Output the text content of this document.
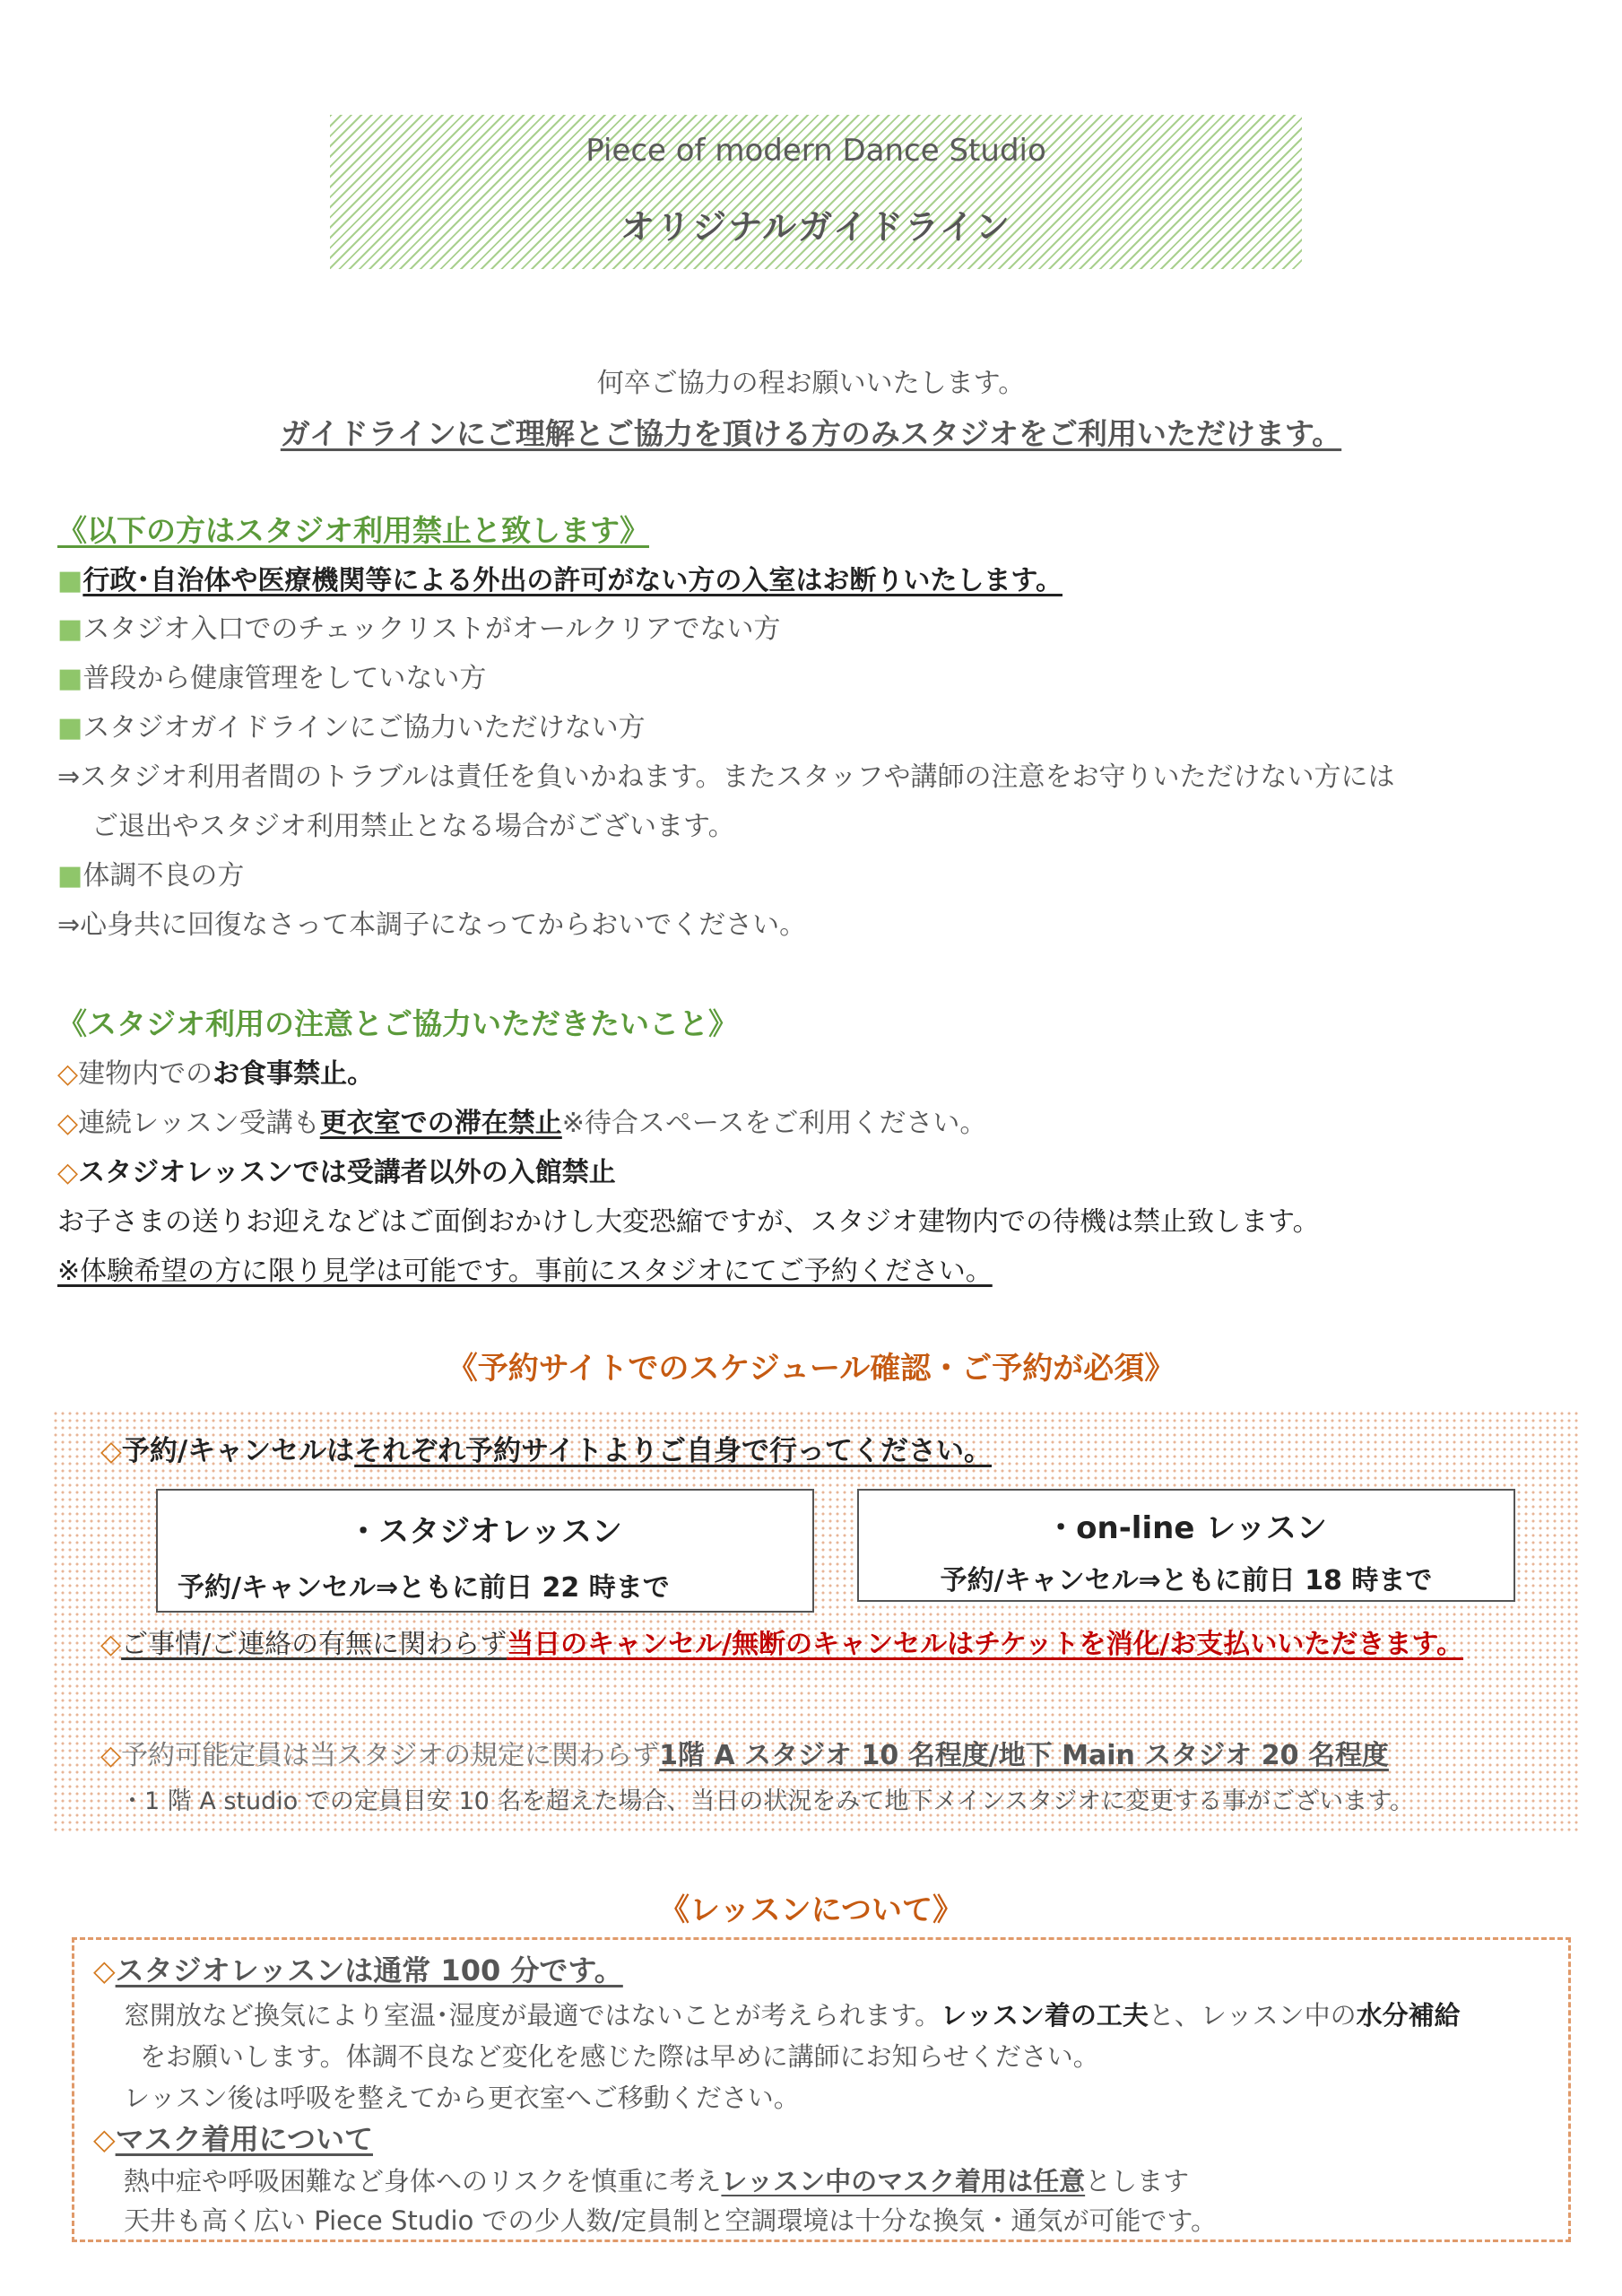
Piece of modern Dance Studio
オリジナルガイドライン
何卒ご協力の程お願いいたします。
ガイドラインにご理解とご協力を頂ける方のみスタジオをご利用いただけます。
《以下の方はスタジオ利用禁止と致します》
■行政･自治体や医療機関等による外出の許可がない方の入室はお断りいたします。
■スタジオ入口でのチェックリストがオールクリアでない方
■普段から健康管理をしていない方
■スタジオガイドラインにご協力いただけない方
⇒スタジオ利用者間のトラブルは責任を負いかねます。またスタッフや講師の注意をお守りいただけない方には
ご退出やスタジオ利用禁止となる場合がございます。
■体調不良の方
⇒心身共に回復なさって本調子になってからおいでください。
《スタジオ利用の注意とご協力いただきたいこと》
◇建物内でのお食事禁止。
◇連続レッスン受講も更衣室での滞在禁止※待合スペースをご利用ください。
◇スタジオレッスンでは受講者以外の入館禁止
お子さまの送りお迎えなどはご面倒おかけし大変恐縮ですが、スタジオ建物内での待機は禁止致します。
※体験希望の方に限り見学は可能です。事前にスタジオにてご予約ください。
《予約サイトでのスケジュール確認・ご予約が必須》
◇予約/キャンセルはそれぞれ予約サイトよりご自身で行ってください。
・スタジオレッスン
予約/キャンセル⇒ともに前日 22 時まで
・on-line レッスン
予約/キャンセル⇒ともに前日 18 時まで
◇ご事情/ご連絡の有無に関わらず当日のキャンセル/無断のキャンセルはチケットを消化/お支払いいただきます。
◇予約可能定員は当スタジオの規定に関わらず1階 A スタジオ 10 名程度/地下 Main スタジオ 20 名程度
・1 階 A studio での定員目安 10 名を超えた場合、当日の状況をみて地下メインスタジオに変更する事がございます。
《レッスンについて》
◇スタジオレッスンは通常 100 分です。
窓開放など換気により室温･湿度が最適ではないことが考えられます。レッスン着の工夫と、レッスン中の水分補給
をお願いします。体調不良など変化を感じた際は早めに講師にお知らせください。
レッスン後は呼吸を整えてから更衣室へご移動ください。
◇マスク着用について
熱中症や呼吸困難など身体へのリスクを慎重に考えレッスン中のマスク着用は任意とします
天井も高く広い Piece Studio での少人数/定員制と空調環境は十分な換気・通気が可能です。
